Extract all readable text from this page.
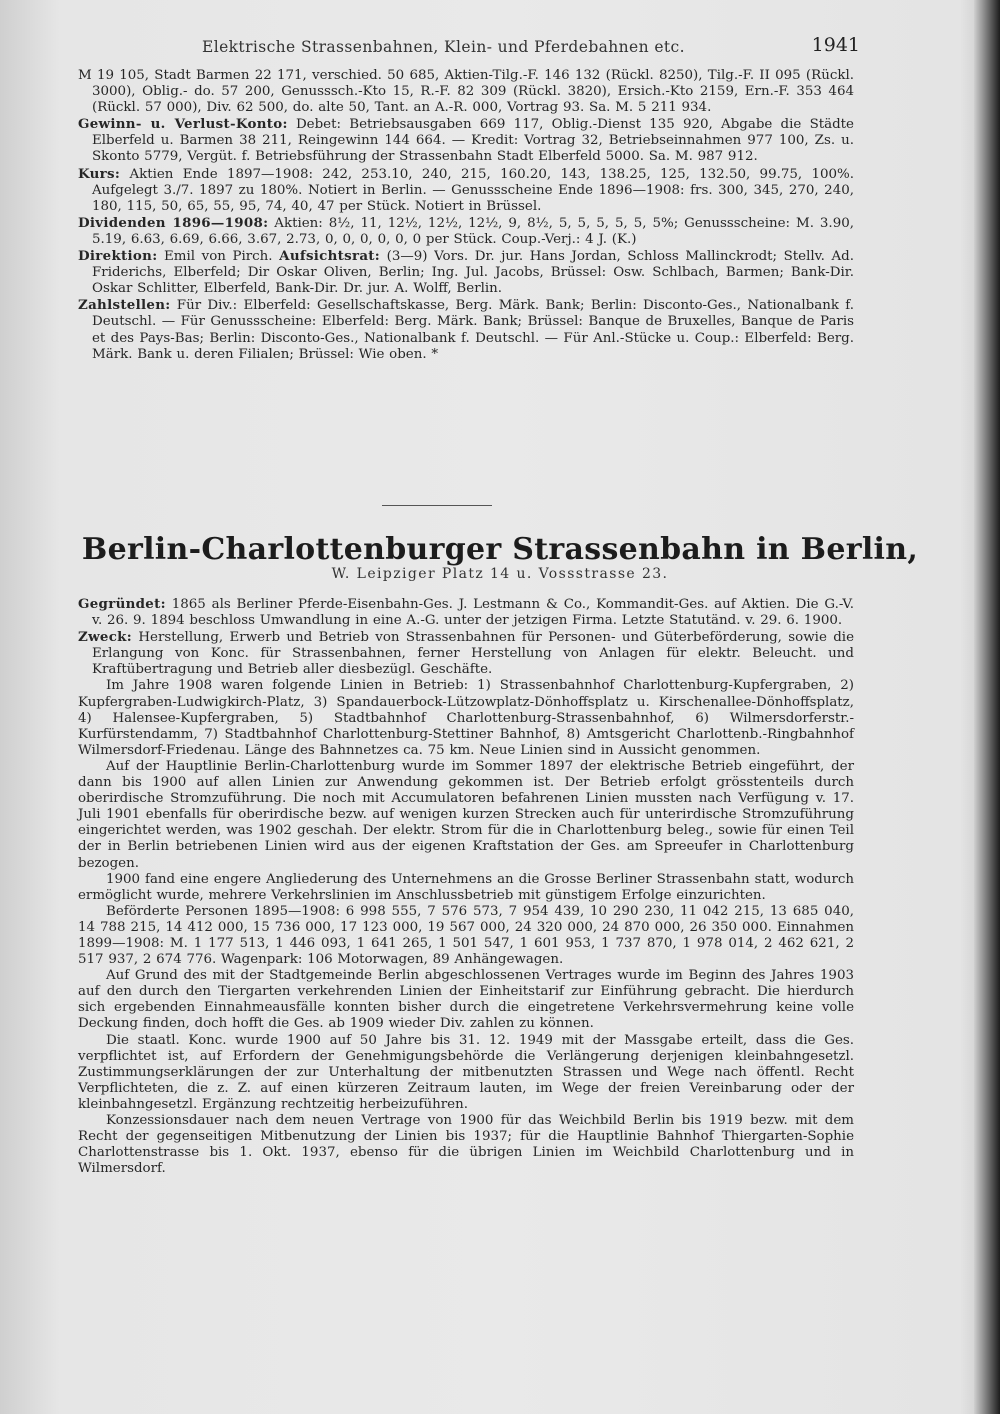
Elektrische Strassenbahnen, Klein- und Pferdebahnen etc.	1941

M 19 105, Stadt Barmen 22 171, verschied. 50 685, Aktien-Tilg.-F. 146 132 (Rückl. 8250), Tilg.-F. II 095 (Rückl. 3000), Oblig.- do. 57 200, Genusssch.-Kto 15, R.-F. 82 309 (Rückl. 3820), Ersich.-Kto 2159, Ern.-F. 353 464 (Rückl. 57 000), Div. 62 500, do. alte 50, Tant. an A.-R. 000, Vortrag 93. Sa. M. 5 211 934.

Gewinn- u. Verlust-Konto: Debet: Betriebsausgaben 669 117, Oblig.-Dienst 135 920, Abgabe die Städte Elberfeld u. Barmen 38 211, Reingewinn 144 664. — Kredit: Vortrag 32, Betriebseinnahmen 977 100, Zs. u. Skonto 5779, Vergüt. f. Betriebsführung der Strassenbahn Stadt Elberfeld 5000. Sa. M. 987 912.

Kurs: Aktien Ende 1897—1908: 242, 253.10, 240, 215, 160.20, 143, 138.25, 125, 132.50, 99.75, 100%. Aufgelegt 3./7. 1897 zu 180%. Notiert in Berlin. — Genussscheine Ende 1896—1908: frs. 300, 345, 270, 240, 180, 115, 50, 65, 55, 95, 74, 40, 47 per Stück. Notiert in Brüssel.

Dividenden 1896—1908: Aktien: 8½, 11, 12½, 12½, 12½, 9, 8½, 5, 5, 5, 5, 5, 5%; Genussscheine: M. 3.90, 5.19, 6.63, 6.69, 6.66, 3.67, 2.73, 0, 0, 0, 0, 0, 0 per Stück. Coup.-Verj.: 4 J. (K.)

Direktion: Emil von Pirch. Aufsichtsrat: (3—9) Vors. Dr. jur. Hans Jordan, Schloss Mallinckrodt; Stellv. Ad. Friderichs, Elberfeld; Dir Oskar Oliven, Berlin; Ing. Jul. Jacobs, Brüssel: Osw. Schlbach, Barmen; Bank-Dir. Oskar Schlitter, Elberfeld, Bank-Dir. Dr. jur. A. Wolff, Berlin.

Zahlstellen: Für Div.: Elberfeld: Gesellschaftskasse, Berg. Märk. Bank; Berlin: Disconto-Ges., Nationalbank f. Deutschl. — Für Genussscheine: Elberfeld: Berg. Märk. Bank; Brüssel: Banque de Bruxelles, Banque de Paris et des Pays-Bas; Berlin: Disconto-Ges., Nationalbank f. Deutschl. — Für Anl.-Stücke u. Coup.: Elberfeld: Berg. Märk. Bank u. deren Filialen; Brüssel: Wie oben. *

Berlin-Charlottenburger Strassenbahn in Berlin,
W. Leipziger Platz 14 u. Vossstrasse 23.

Gegründet: 1865 als Berliner Pferde-Eisenbahn-Ges. J. Lestmann & Co., Kommandit-Ges. auf Aktien. Die G.-V. v. 26. 9. 1894 beschloss Umwandlung in eine A.-G. unter der jetzigen Firma. Letzte Statutänd. v. 29. 6. 1900.

Zweck: Herstellung, Erwerb und Betrieb von Strassenbahnen für Personen- und Güterbeförderung, sowie die Erlangung von Konc. für Strassenbahnen, ferner Herstellung von Anlagen für elektr. Beleucht. und Kraftübertragung und Betrieb aller diesbezügl. Geschäfte.

Im Jahre 1908 waren folgende Linien in Betrieb: 1) Strassenbahnhof Charlottenburg-Kupfergraben, 2) Kupfergraben-Ludwigkirch-Platz, 3) Spandauerbock-Lützowplatz-Dönhoffsplatz u. Kirschenallee-Dönhoffsplatz, 4) Halensee-Kupfergraben, 5) Stadtbahnhof Charlottenburg-Strassenbahnhof, 6) Wilmersdorferstr.-Kurfürstendamm, 7) Stadtbahnhof Charlottenburg-Stettiner Bahnhof, 8) Amtsgericht Charlottenb.-Ringbahnhof Wilmersdorf-Friedenau. Länge des Bahnnetzes ca. 75 km. Neue Linien sind in Aussicht genommen.

Auf der Hauptlinie Berlin-Charlottenburg wurde im Sommer 1897 der elektrische Betrieb eingeführt, der dann bis 1900 auf allen Linien zur Anwendung gekommen ist. Der Betrieb erfolgt grösstenteils durch oberirdische Stromzuführung. Die noch mit Accumulatoren befahrenen Linien mussten nach Verfügung v. 17. Juli 1901 ebenfalls für oberirdische bezw. auf wenigen kurzen Strecken auch für unterirdische Stromzuführung eingerichtet werden, was 1902 geschah. Der elektr. Strom für die in Charlottenburg beleg., sowie für einen Teil der in Berlin betriebenen Linien wird aus der eigenen Kraftstation der Ges. am Spreeufer in Charlottenburg bezogen.

1900 fand eine engere Angliederung des Unternehmens an die Grosse Berliner Strassenbahn statt, wodurch ermöglicht wurde, mehrere Verkehrslinien im Anschlussbetrieb mit günstigem Erfolge einzurichten.

Beförderte Personen 1895—1908: 6 998 555, 7 576 573, 7 954 439, 10 290 230, 11 042 215, 13 685 040, 14 788 215, 14 412 000, 15 736 000, 17 123 000, 19 567 000, 24 320 000, 24 870 000, 26 350 000. Einnahmen 1899—1908: M. 1 177 513, 1 446 093, 1 641 265, 1 501 547, 1 601 953, 1 737 870, 1 978 014, 2 462 621, 2 517 937, 2 674 776. Wagenpark: 106 Motorwagen, 89 Anhängewagen.

Auf Grund des mit der Stadtgemeinde Berlin abgeschlossenen Vertrages wurde im Beginn des Jahres 1903 auf den durch den Tiergarten verkehrenden Linien der Einheitstarif zur Einführung gebracht. Die hierdurch sich ergebenden Einnahmeausfälle konnten bisher durch die eingetretene Verkehrsvermehrung keine volle Deckung finden, doch hofft die Ges. ab 1909 wieder Div. zahlen zu können.

Die staatl. Konc. wurde 1900 auf 50 Jahre bis 31. 12. 1949 mit der Massgabe erteilt, dass die Ges. verpflichtet ist, auf Erfordern der Genehmigungsbehörde die Verlängerung derjenigen kleinbahngesetzl. Zustimmungserklärungen der zur Unterhaltung der mitbenutzten Strassen und Wege nach öffentl. Recht Verpflichteten, die z. Z. auf einen kürzeren Zeitraum lauten, im Wege der freien Vereinbarung oder der kleinbahngesetzl. Ergänzung rechtzeitig herbeizuführen.

Konzessionsdauer nach dem neuen Vertrage von 1900 für das Weichbild Berlin bis 1919 bezw. mit dem Recht der gegenseitigen Mitbenutzung der Linien bis 1937; für die Hauptlinie Bahnhof Thiergarten-Sophie Charlottenstrasse bis 1. Okt. 1937, ebenso für die übrigen Linien im Weichbild Charlottenburg und in Wilmersdorf.
